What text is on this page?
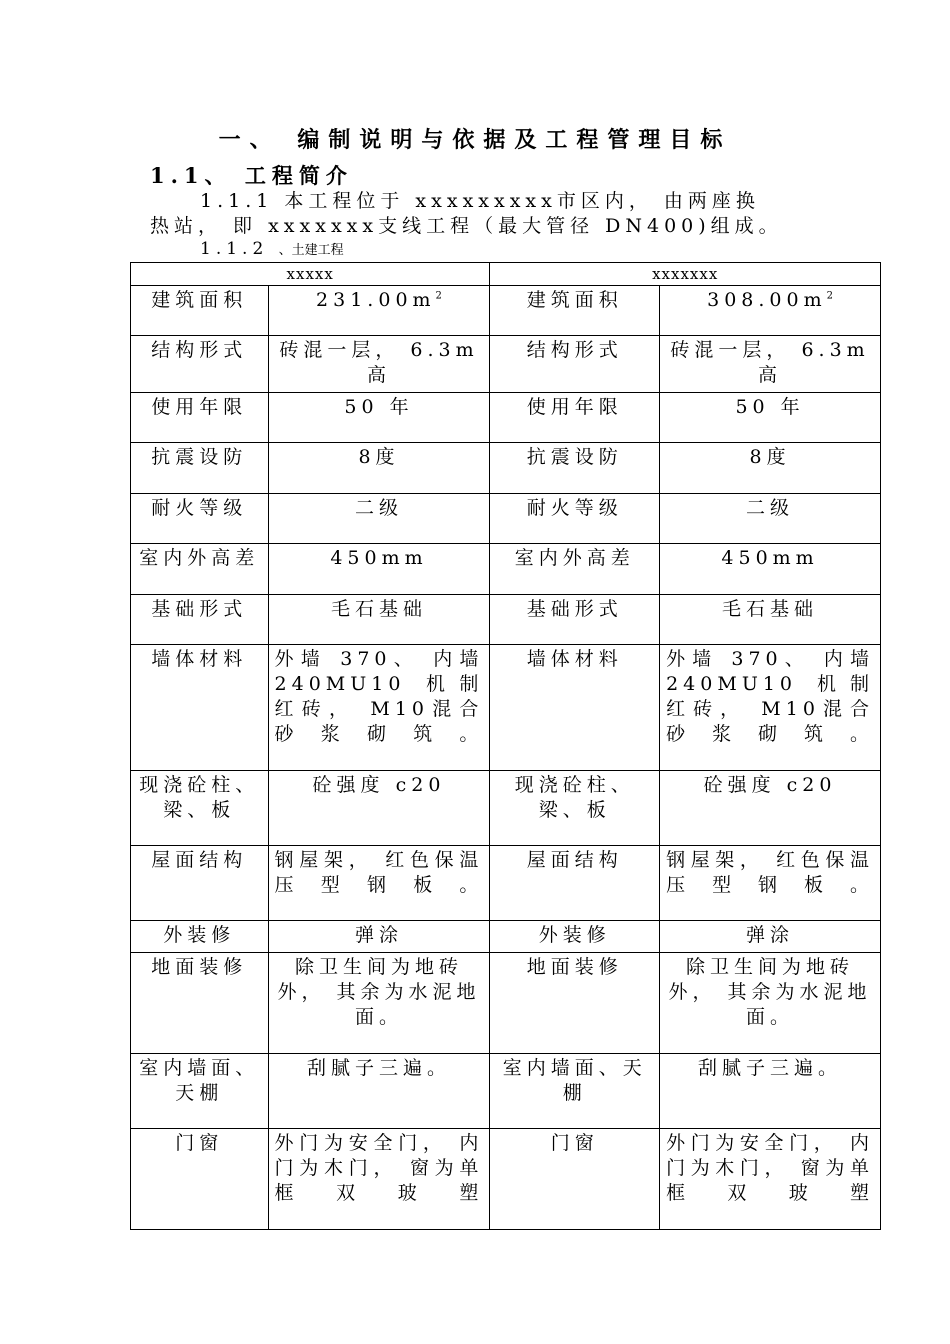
一、 编制说明与依据及工程管理目标
1.1、 工程简介
1.1.1 本工程位于 xxxxxxxxx市区内， 由两座换
热站， 即 xxxxxxx支线工程（最大管径 DN400)组成。
1.1.2 、土建工程
xxxxx		xxxxxxx	
建筑面积	$231.00m^2$	建筑面积	$308.00m^2$
结构形式	砖混一层， 6.3m高	结构形式	砖混一层， 6.3m高
使用年限	50 年	使用年限	50 年
抗震设防	8度	抗震设防	8度
耐火等级	二级	耐火等级	二级
室内外高差	450mm	室内外高差	450mm
基础形式	毛石基础	基础形式	毛石基础
墙体材料	外墙 370、 内墙 240MU10 机制红砖， M10混合砂浆砌筑。	墙体材料	外墙 370、 内墙 240MU10 机制红砖， M10混合砂浆砌筑。
现浇砼柱、梁、板	砼强度 c20	现浇砼柱、梁、板	砼强度 c20
屋面结构	钢屋架， 红色保温压型钢板。	屋面结构	钢屋架， 红色保温压型钢板。
外装修	弹涂	外装修	弹涂
地面装修	除卫生间为地砖外， 其余为水泥地面。	地面装修	除卫生间为地砖外， 其余为水泥地面。
室内墙面、天棚	刮腻子三遍。	室内墙面、天棚	刮腻子三遍。
门窗	外门为安全门， 内门为木门， 窗为单框双玻塑	门窗	外门为安全门， 内门为木门， 窗为单框双玻塑
